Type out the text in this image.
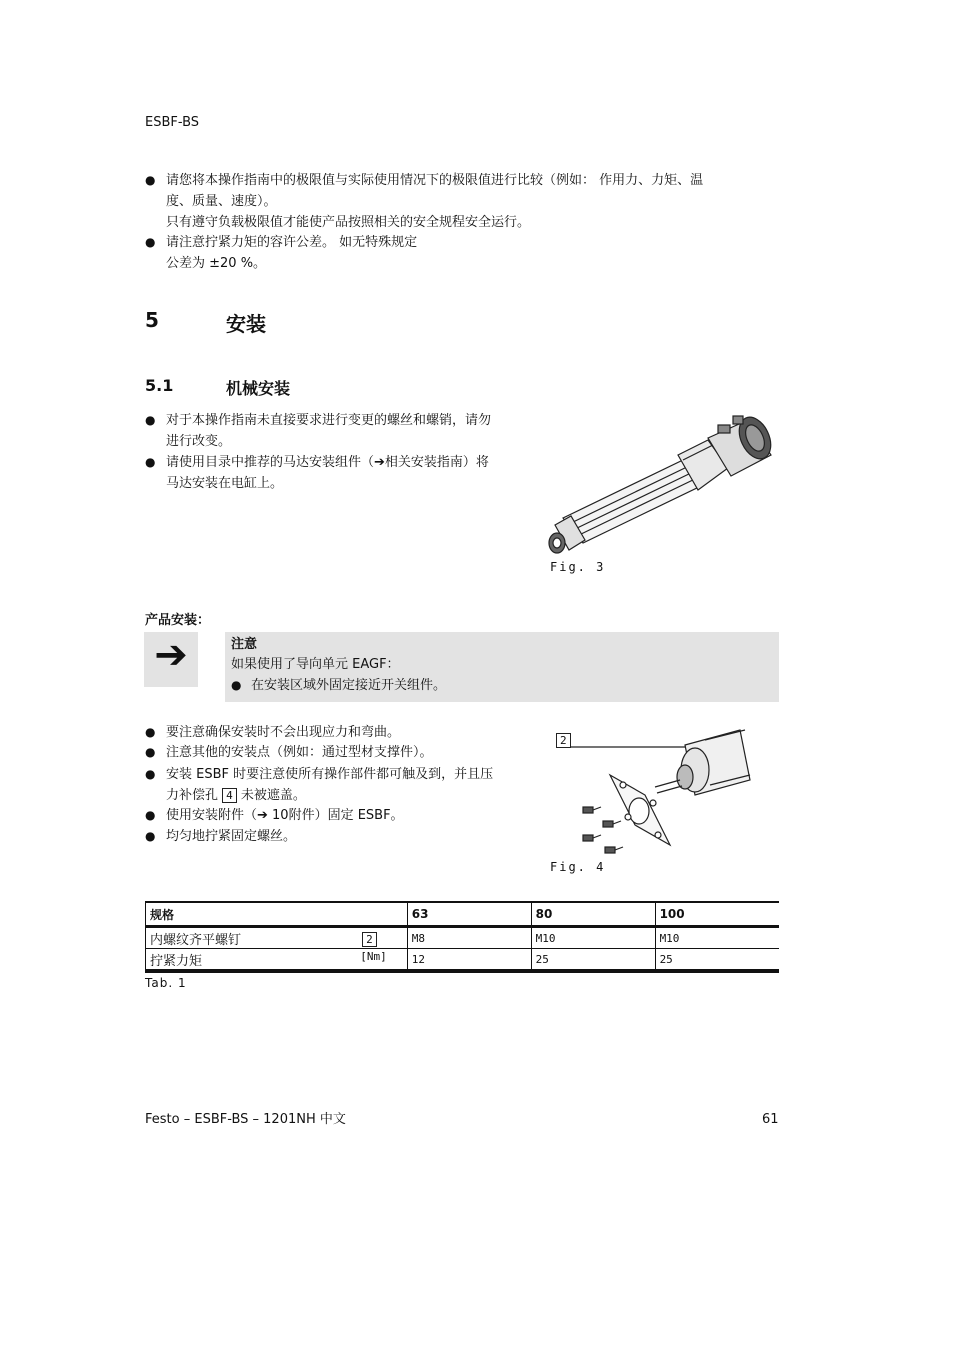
ESBF-BS
● 请您将本操作指南中的极限值与实际使用情况下的极限值进行比较（例如： 作用力、力矩、温
度、质量、速度）。
只有遵守负载极限值才能使产品按照相关的安全规程安全运行。
● 请注意拧紧力矩的容许公差。 如无特殊规定
公差为 ±20 %。
5	安装
5.1	机械安装
● 对于本操作指南未直接要求进行变更的螺丝和螺销，请勿
进行改变。
● 请使用目录中推荐的马达安装组件（➔相关安装指南）将
马达安装在电缸上。
Fig. 3
产品安装：
➔	注意
如果使用了导向单元 EAGF：
● 在安装区域外固定接近开关组件。
● 要注意确保安装时不会出现应力和弯曲。
● 注意其他的安装点（例如：通过型材支撑件）。
● 安装 ESBF 时要注意使所有操作部件都可触及到，并且压
力补偿孔 4 未被遮盖。
● 使用安装附件（➔ 10附件）固定 ESBF。
● 均匀地拧紧固定螺丝。
2
Fig. 4
规格	63	80	100
内螺纹齐平螺钉 2	M8	M10	M10
拧紧力矩 [Nm]	12	25	25
Tab. 1
Festo – ESBF-BS – 1201NH 中文	61
